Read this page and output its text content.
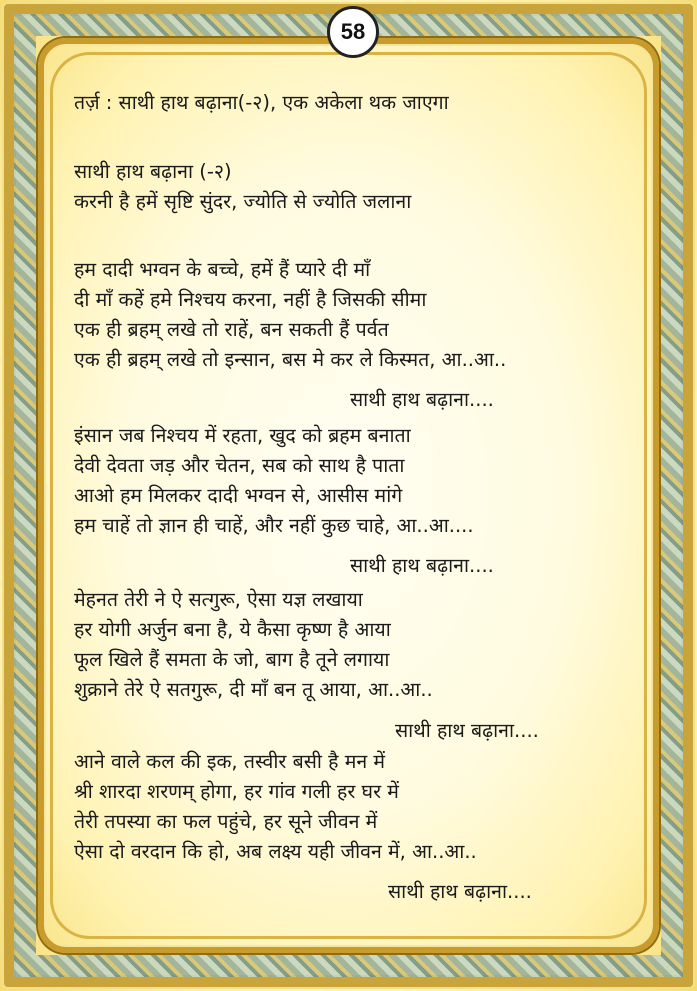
58
तर्ज़ : साथी हाथ बढ़ाना(-२), एक अकेला थक जाएगा
साथी हाथ बढ़ाना (-२)
करनी है हमें सृष्टि सुंदर, ज्योति से ज्योति जलाना
हम दादी भग्वन के बच्चे, हमें हैं प्यारे दी माँ
दी माँ कहें हमे निश्चय करना, नहीं है जिसकी सीमा
एक ही ब्रहम् लखे तो राहें, बन सकती हैं पर्वत
एक ही ब्रहम् लखे तो इन्सान, बस मे कर ले किस्मत, आ..आ..
साथी हाथ बढ़ाना....
इंसान जब निश्चय में रहता, खुद को ब्रहम बनाता
देवी देवता जड़ और चेतन, सब को साथ है पाता
आओ हम मिलकर दादी भग्वन से, आसीस मांगे
हम चाहें तो ज्ञान ही चाहें, और नहीं कुछ चाहे, आ..आ....
साथी हाथ बढ़ाना....
मेहनत तेरी ने ऐ सत्गुरू, ऐसा यज्ञ लखाया
हर योगी अर्जुन बना है, ये कैसा कृष्ण है आया
फूल खिले हैं समता के जो, बाग है तूने लगाया
शुक्राने तेरे ऐ सतगुरू, दी माँ बन तू आया, आ..आ..
साथी हाथ बढ़ाना....
आने वाले कल की इक, तस्वीर बसी है मन में
श्री शारदा शरणम् होगा, हर गांव गली हर घर में
तेरी तपस्या का फल पहुंचे, हर सूने जीवन में
ऐसा दो वरदान कि हो, अब लक्ष्य यही जीवन में, आ..आ..
साथी हाथ बढ़ाना....
